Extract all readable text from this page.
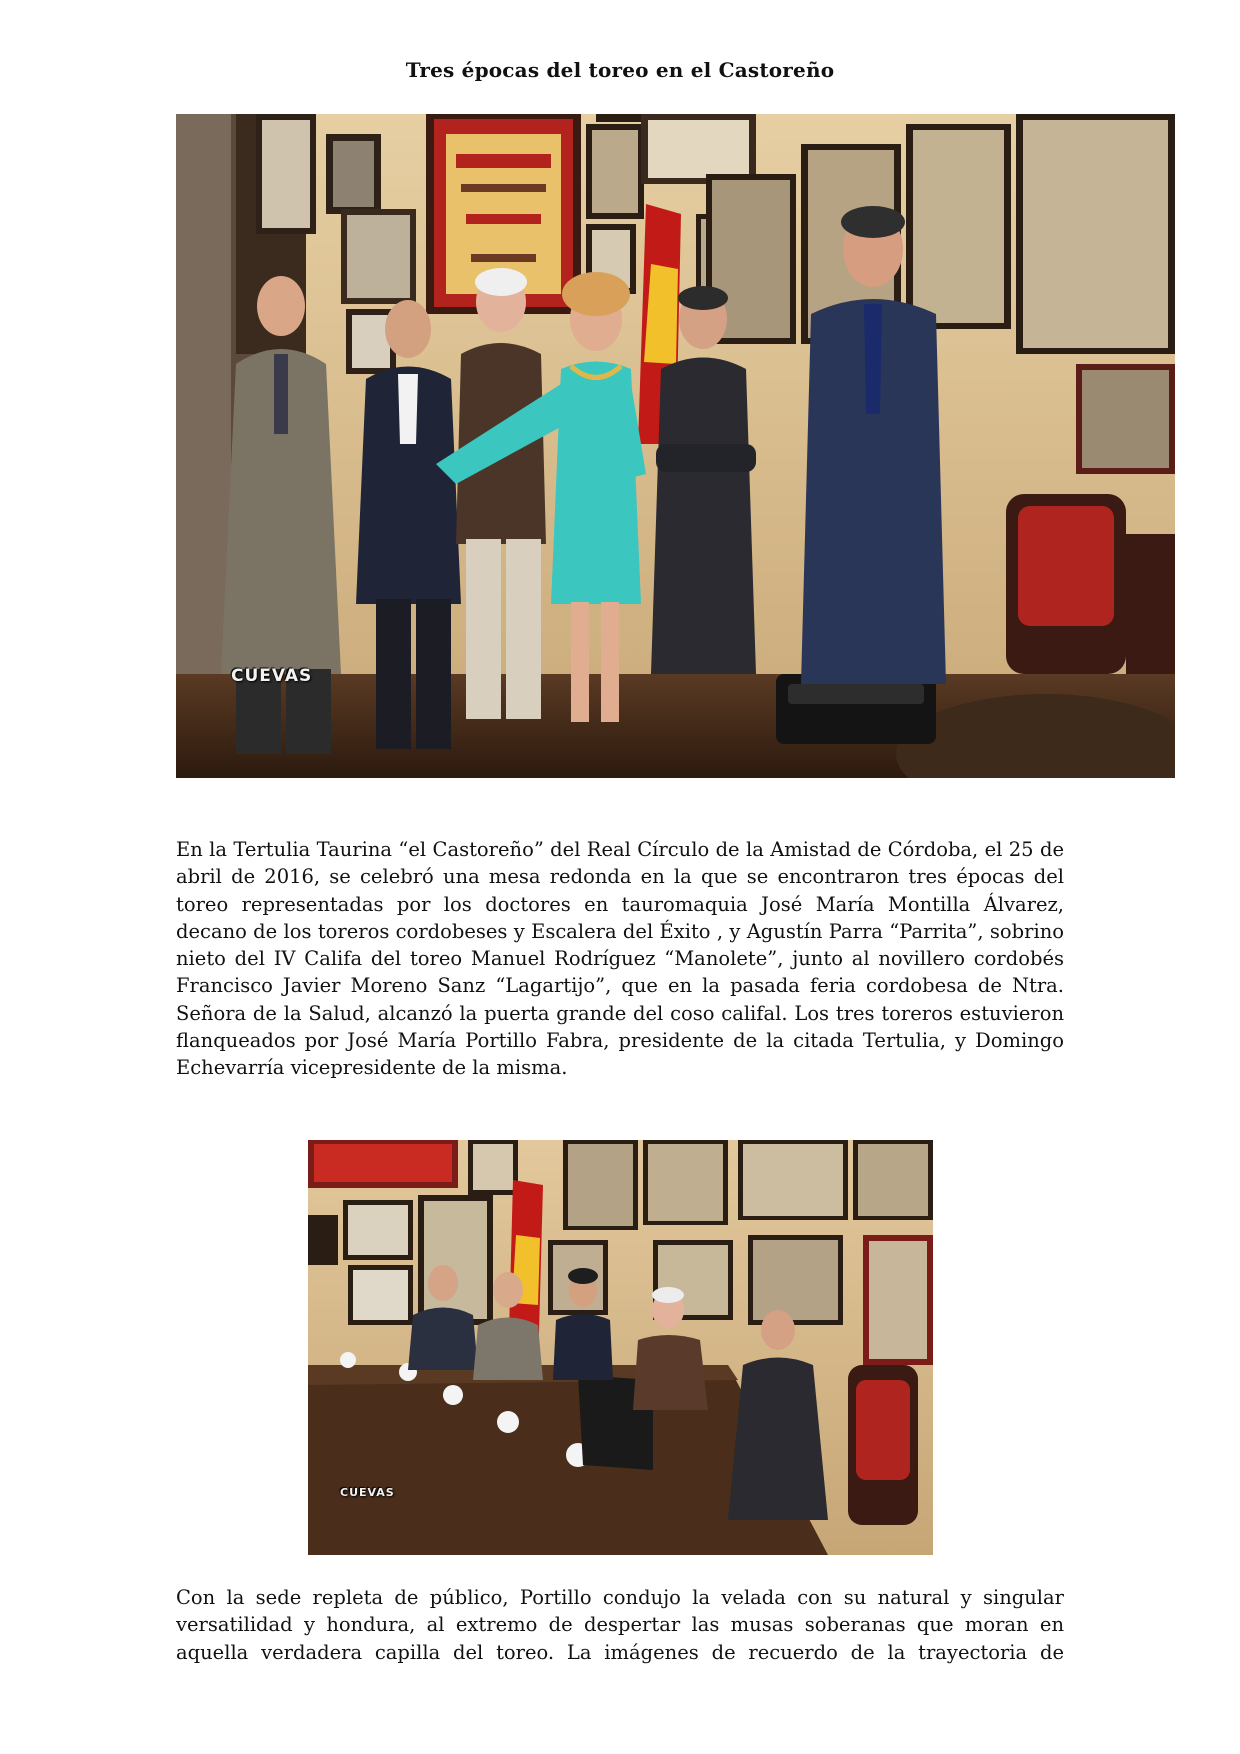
Tres épocas del toreo en el Castoreño
CUEVAS
En la Tertulia Taurina “el Castoreño” del Real Círculo de la Amistad de Córdoba, el 25 de abril de 2016, se celebró una mesa redonda en la que se encontraron tres épocas del toreo representadas por los doctores en tauromaquia José María Montilla Álvarez, decano de los toreros cordobeses y Escalera del Éxito , y Agustín Parra “Parrita”, sobrino nieto del IV Califa del toreo Manuel Rodríguez “Manolete”, junto al novillero cordobés Francisco Javier Moreno Sanz “Lagartijo”, que en la pasada feria cordobesa de Ntra. Señora de la Salud, alcanzó la puerta grande del coso califal. Los tres toreros estuvieron flanqueados por José María Portillo Fabra, presidente de la citada Tertulia, y Domingo Echevarría vicepresidente de la misma.
CUEVAS
Con la sede repleta de público, Portillo condujo la velada con su natural y singular versatilidad y hondura, al extremo de despertar las musas soberanas que moran en aquella verdadera capilla del toreo. La imágenes de recuerdo de la trayectoria de
